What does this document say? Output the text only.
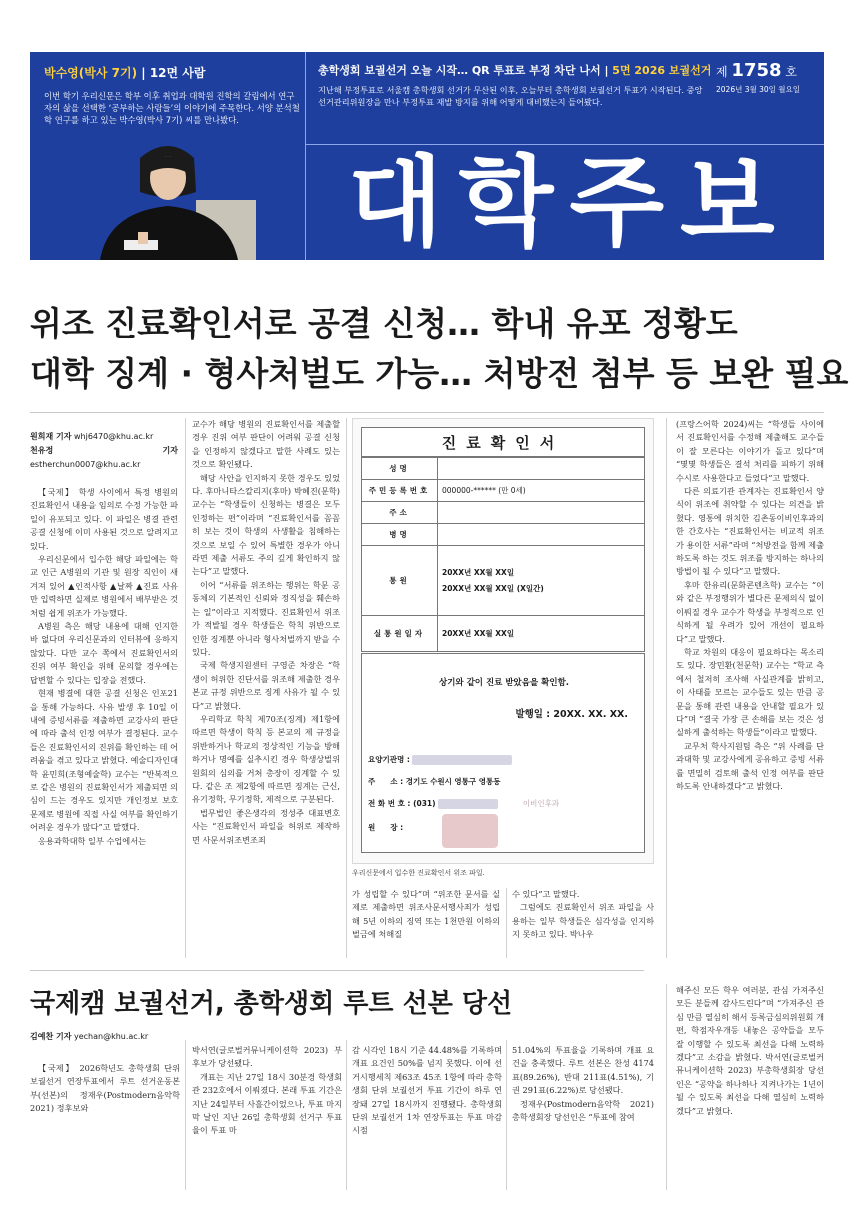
박수영(박사 7기) | 12면 사람
이번 학기 우리신문은 학부 이후 취업과 대학원 진학의 갈림에서 연구자의 삶을 선택한 ‘공부하는 사람들’의 이야기에 주목한다. 서양 분석철학 연구를 하고 있는 박수영(박사 7기) 씨를 만나봤다.
총학생회 보궐선거 오늘 시작… QR 투표로 부정 차단 나서 | 5면 2026 보궐선거
지난해 부정투표로 서울캠 총학생회 선거가 무산된 이후, 오늘부터 총학생회 보궐선거 투표가 시작된다. 중앙선거관리위원장을 만나 부정투표 재발 방지를 위해 어떻게 대비했는지 들어봤다.
제 1758 호
2026년 3월 30일 월요일
대학주보
위조 진료확인서로 공결 신청… 학내 유포 정황도
대학 징계 · 형사처벌도 가능… 처방전 첨부 등 보완 필요
원희재 기자 whj6470@khu.ac.kr
천유정 기자 estherchun0007@khu.ac.kr

【국제】 학생 사이에서 특정 병원의 진료확인서 내용을 임의로 수정 가능한 파일이 유포되고 있다. 이 파일은 병결 관련 공결 신청에 이미 사용된 것으로 알려지고 있다.

우리신문에서 입수한 해당 파일에는 학교 인근 A병원의 기관 및 원장 직인이 새겨져 있어 ▲인적사항 ▲날짜 ▲진료 사유만 입력하면 실제로 병원에서 배부받은 것처럼 쉽게 위조가 가능했다.

A병원 측은 해당 내용에 대해 인지한 바 없다며 우리신문과의 인터뷰에 응하지 않았다. 다만 교수 쪽에서 진료확인서의 진위 여부 확인을 위해 문의할 경우에는 답변할 수 있다는 입장을 전했다.

현재 병결에 대한 공결 신청은 인포21을 통해 가능하다. 사유 발생 후 10일 이내에 증빙서류를 제출하면 교강사의 판단에 따라 출석 인정 여부가 결정된다. 교수들은 진료확인서의 진위를 확인하는 데 어려움을 겪고 있다고 밝혔다. 예술디자인대학 윤민희(조형예술학) 교수는 “반복적으로 같은 병원의 진료확인서가 제출되면 의심이 드는 경우도 있지만 개인정보 보호 문제로 병원에 직접 사실 여부를 확인하기 어려운 경우가 많다”고 말했다.

응용과학대학 일부 수업에서는

교수가 해당 병원의 진료확인서를 제출할 경우 진위 여부 판단이 어려워 공결 신청을 인정하지 않겠다고 말한 사례도 있는 것으로 확인됐다.

해당 사안을 인지하지 못한 경우도 있었다. 후마니타스칼리지(후마) 박혜진(문학) 교수는 “학생들이 신청하는 병결은 모두 인정하는 편”이라며 “진료확인서를 꼼꼼히 보는 것이 학생의 사생활을 침해하는 것으로 보일 수 있어 특별한 경우가 아니라면 제출 서류도 주의 깊게 확인하지 않는다”고 말했다.

이어 “서류를 위조하는 행위는 학문 공동체의 기본적인 신뢰와 정직성을 훼손하는 일”이라고 지적했다. 진료확인서 위조가 적발될 경우 학생들은 학칙 위반으로 인한 징계뿐 아니라 형사처벌까지 받을 수 있다.

국제 학생지원센터 구영준 차장은 “학생이 허위한 진단서를 위조해 제출한 경우 본교 규정 위반으로 징계 사유가 될 수 있다”고 밝혔다.

우리학교 학칙 제70조(징계) 제1항에 따르면 학생이 학칙 등 본교의 제 규정을 위반하거나 학교의 정상적인 기능을 방해하거나 명예를 실추시킨 경우 학생상벌위원회의 심의를 거쳐 총장이 징계할 수 있다. 같은 조 제2항에 따르면 징계는 근신, 유기정학, 무기정학, 제적으로 구분된다.

법무법인 좋은생각의 정성주 대표변호사는 “진료확인서 파일을 허위로 제작하면 사문서위조변조죄

진료확인서
성명	
주민등록번호	000000-****** (만 0세)
주소	
병명	
통원	20XX년 XX월 XX일
20XX년 XX월 XX일 (X일간)
실통원일자	20XX년 XX월 XX일
상기와 같이 진료 받았음을 확인함.
발행일 : 20XX. XX. XX.
요양기관명 :
주　　소 : 경기도 수원시 영통구 영통동
전 화 번 호 : (031)	이비인후과
원　　장 :
우리신문에서 입수한 진료확인서 위조 파일.

가 성립할 수 있다”며 “위조한 문서를 실제로 제출하면 위조사문서행사죄가 성립해 5년 이하의 징역 또는 1천만원 이하의 벌금에 처해질

수 있다”고 말했다.

그럼에도 진료확인서 위조 파일을 사용하는 일부 학생들은 심각성을 인지하지 못하고 있다. 박나우

(프랑스어학 2024)씨는 “학생들 사이에서 진료확인서를 수정해 제출해도 교수들이 잘 모른다는 이야기가 돌고 있다”며 “몇몇 학생들은 결석 처리를 피하기 위해 수시로 사용한다고 들었다”고 말했다.

다른 의료기관 관계자는 진료확인서 양식이 위조에 취약할 수 있다는 의견을 밝혔다. 영통에 위치한 김촌동이비인후과의 한 간호사는 “진료확인서는 비교적 위조가 용이한 서류”라며 “처방전을 함께 제출하도록 하는 것도 위조를 방지하는 하나의 방법이 될 수 있다”고 말했다.

후마 한유리(문화콘텐츠학) 교수는 “이와 같은 부정행위가 별다른 문제의식 없이 이뤄질 경우 교수가 학생을 부정적으로 인식하게 될 우려가 있어 개선이 필요하다”고 말했다.

학교 차원의 대응이 필요하다는 목소리도 있다. 장민환(천문학) 교수는 “학교 측에서 철저히 조사해 사실관계를 밝히고, 이 사태를 모르는 교수들도 있는 만큼 공문을 통해 관련 내용을 안내할 필요가 있다”며 “결국 가장 큰 손해를 보는 것은 성실하게 출석하는 학생들”이라고 말했다.

교무처 학사지원팀 측은 “위 사례를 단과대학 및 교강사에게 공유하고 증빙 서류를 면밀히 검토해 출석 인정 여부를 판단하도록 안내하겠다”고 밝혔다.

국제캠 보궐선거, 총학생회 루트 선본 당선
김예찬 기자 yechan@khu.ac.kr

【국제】 2026학년도 총학생회 단위 보궐선거 연장투표에서 루트 선거운동본부(선본)의 정재우(Postmodern음악학 2021) 정후보와

박서연(글로벌커뮤니케이션학 2023) 부후보가 당선됐다.

개표는 지난 27일 18시 30분경 학생회관 232호에서 이뤄졌다. 본래 투표 기간은 지난 24일부터 사흘간이었으나, 투표 마지막 날인 지난 26일 총학생회 선거구 투표율이 투표 마

감 시각인 18시 기준 44.48%를 기록하며 개표 요건인 50%를 넘지 못했다. 이에 선거시행세칙 제63조 45조 1항에 따라 총학생회 단위 보궐선거 투표 기간이 하루 연장돼 27일 18시까지 진행됐다. 총학생회 단위 보궐선거 1차 연장투표는 투표 마감 시점

51.04%의 투표율을 기록하며 개표 요건을 충족했다. 루트 선본은 찬성 4174표(89.26%), 반대 211표(4.51%), 기권 291표(6.22%)로 당선됐다.

정재우(Postmodern음악학 2021) 총학생회장 당선인은 “투표에 참여

해주신 모든 학우 여러분, 관심 가져주신 모든 분들께 감사드린다”며 “가져주신 관심 만큼 열심히 해서 등록금심의위원회 개편, 학점자우개등 내놓은 공약들을 모두 잘 이행할 수 있도록 최선을 다해 노력하겠다”고 소감을 밝혔다. 박서연(글로벌커뮤니케이션학 2023) 부총학생회장 당선인은 “공약을 하나하나 지켜나가는 1년이 될 수 있도록 최선을 다해 열심히 노력하겠다”고 밝혔다.
